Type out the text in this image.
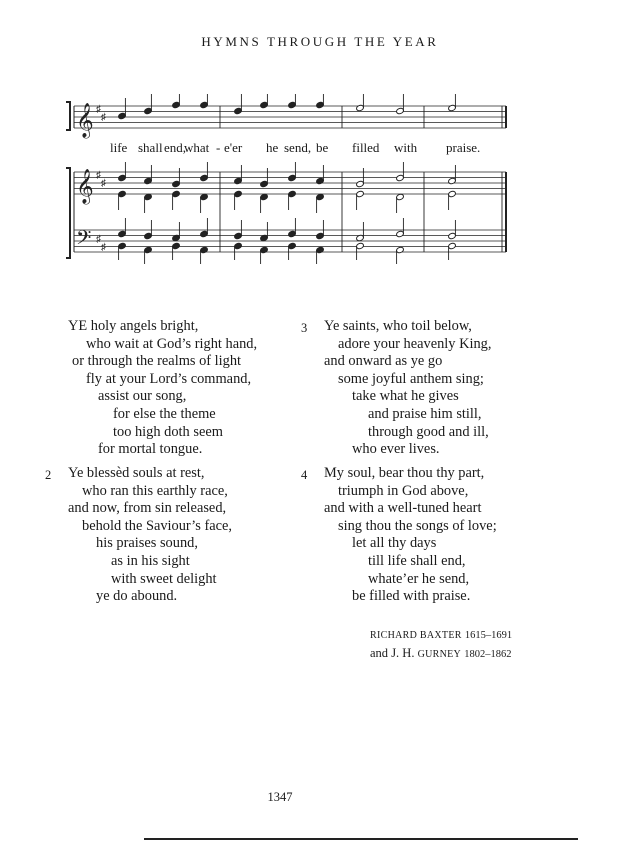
HYMNS THROUGH THE YEAR
𝄞
𝄞
𝄢
♯
♯
♯
♯
♯
♯
life shall end,
what - e'er he send, be filled with praise.
YE holy angels bright,
who wait at God’s right hand,
or through the realms of light
fly at your Lord’s command,
assist our song,
for else the theme
too high doth seem
for mortal tongue.
2 Ye blessèd souls at rest,
who ran this earthly race,
and now, from sin released,
behold the Saviour’s face,
his praises sound,
as in his sight
with sweet delight
ye do abound.
3 Ye saints, who toil below,
adore your heavenly King,
and onward as ye go
some joyful anthem sing;
take what he gives
and praise him still,
through good and ill,
who ever lives.
4 My soul, bear thou thy part,
triumph in God above,
and with a well-tuned heart
sing thou the songs of love;
let all thy days
till life shall end,
whate’er he send,
be filled with praise.
RICHARD BAXTER 1615–1691
and J. H. GURNEY 1802–1862
1347
